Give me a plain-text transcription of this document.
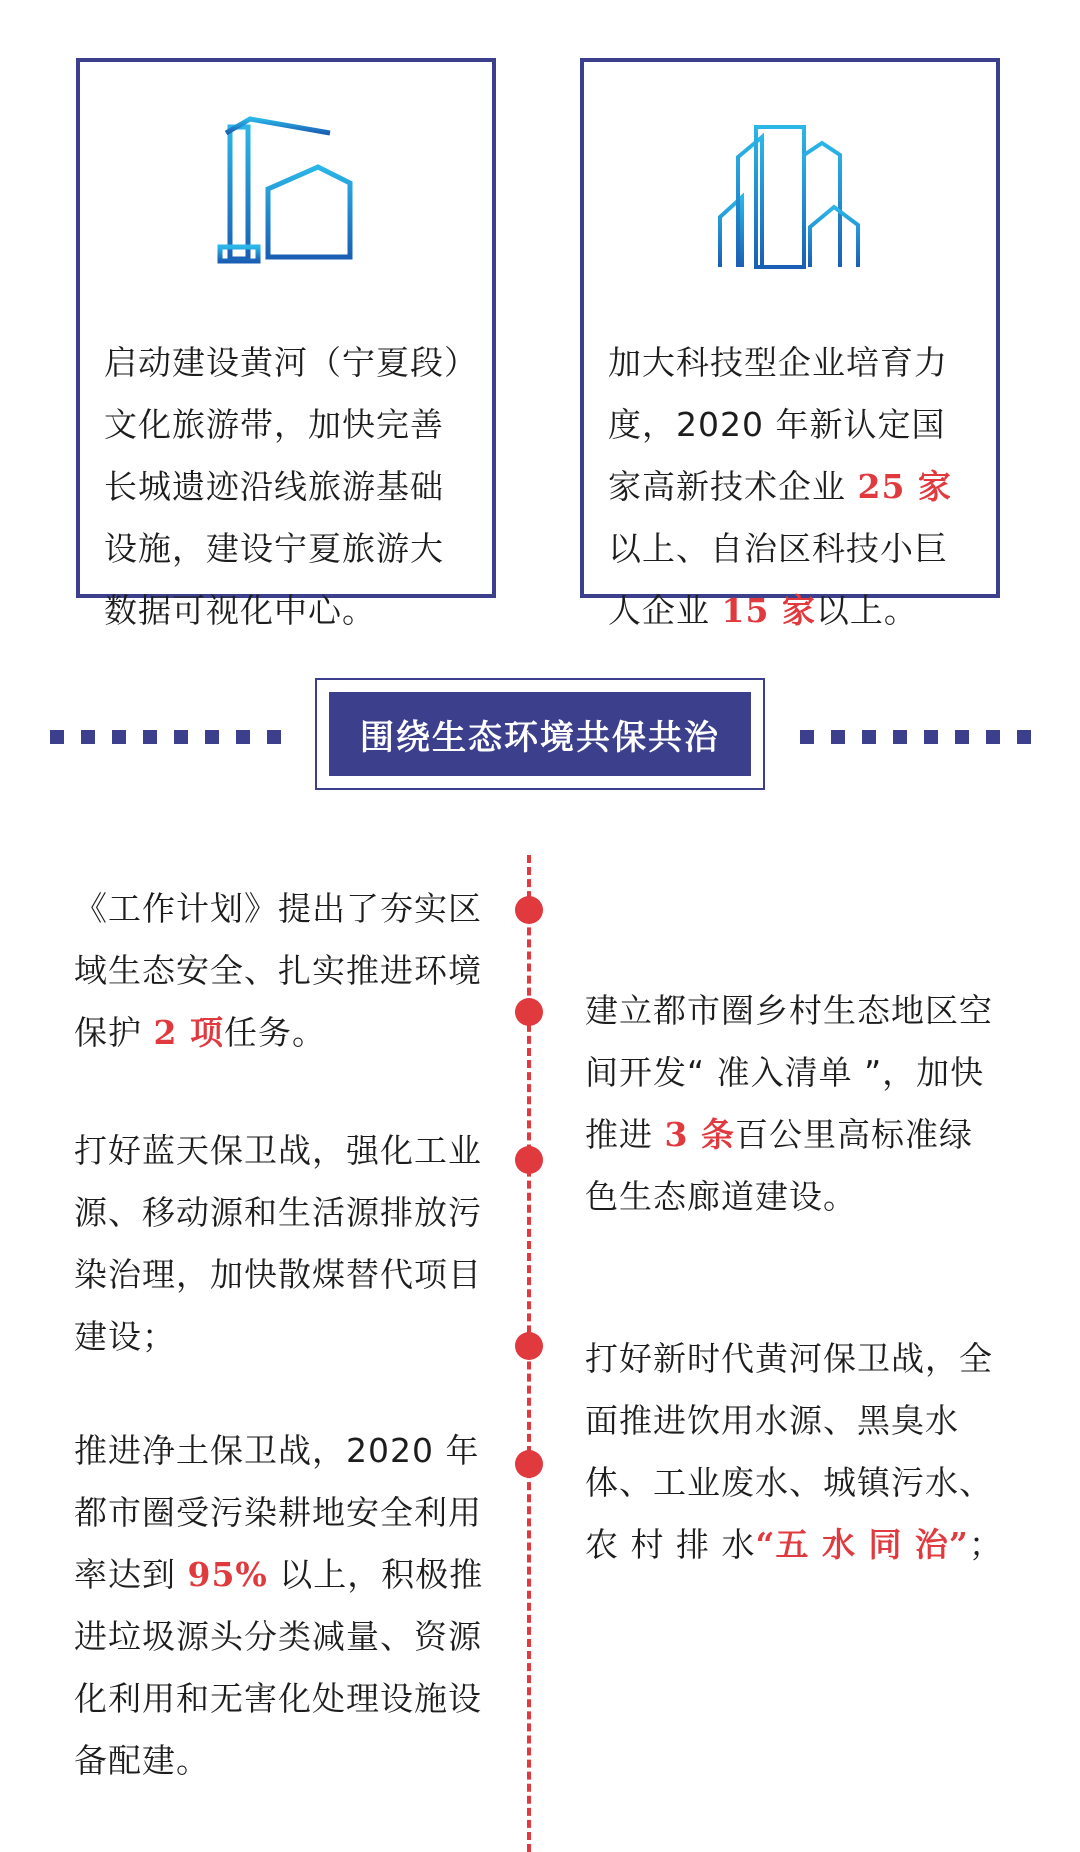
启动建设黄河（宁夏段）文化旅游带，加快完善长城遗迹沿线旅游基础设施，建设宁夏旅游大数据可视化中心。
加大科技型企业培育力度，2020 年新认定国家高新技术企业 25 家以上、自治区科技小巨人企业 15 家以上。
围绕生态环境共保共治
《工作计划》提出了夯实区域生态安全、扎实推进环境保护 2 项任务。
打好蓝天保卫战，强化工业源、移动源和生活源排放污染治理，加快散煤替代项目建设；
推进净土保卫战，2020 年都市圈受污染耕地安全利用率达到 95% 以上，积极推进垃圾源头分类减量、资源化利用和无害化处理设施设备配建。
建立都市圈乡村生态地区空间开发“ 准入清单 ”，加快推进 3 条百公里高标准绿色生态廊道建设。
打好新时代黄河保卫战，全面推进饮用水源、黑臭水体、工业废水、城镇污水、农 村 排 水“五 水 同 治”；
